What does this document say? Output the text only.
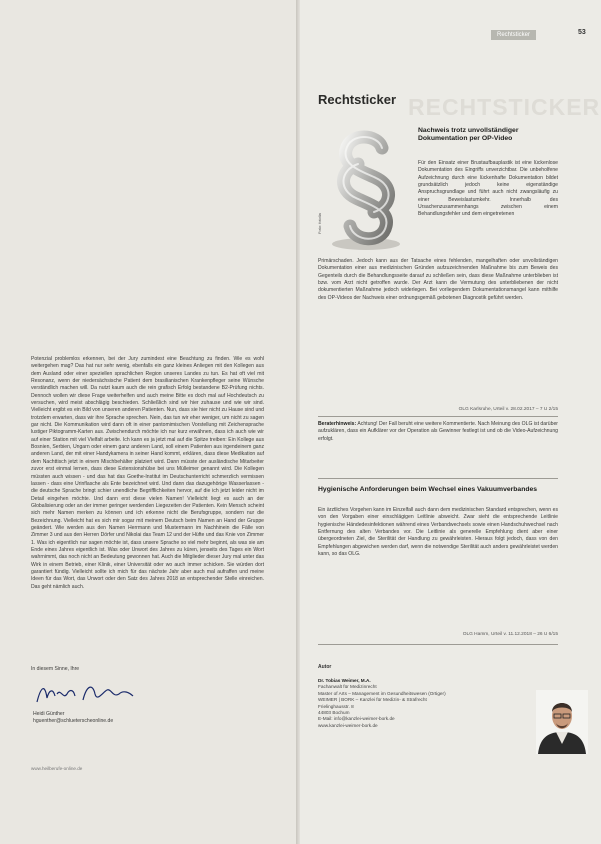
Potenzial problemlos erkennen, bei der Jury zumindest eine Beachtung zu finden. Wie es wohl weitergehen mag? Das hat nur sehr wenig, ebenfalls ein ganz kleines Anliegen mit den Kollegen aus dem Ausland oder einer speziellen sprachlichen Region unseres Landes zu tun. Es hat oft viel mit Resonanz, wenn der niedersächsische Patient dem brasilianischen Krankenpfleger seine Wünsche verständlich machen will. Da nutzt kaum auch die rein grafisch Erfolg bestandene B2-Prüfung nichts. Dennoch wollen wir diese Frage weiterhelfen und auch meine Bitte es doch mal auf Hochdeutsch zu versuchen, wird meist abschlägig beschieden. Schließlich sind wir hier zuhause und wie wir sind. Vielleicht ergibt es ein Bild von unseren anderen Patienten. Nun, dass sie hier nicht zu Hause sind und trotzdem erwarten, dass wir ihre Sprache sprechen. Nein, das tun wir eher weniger, um nicht zu sagen gar nicht. Die Kommunikation wird dann oft in einer pantomimischen Vorstellung mit Zeichensprache lustiger Piktogramm-Karten aus. Zwischendurch möchte ich nur kurz erwähnen, dass ich auch wie wir auf einer Station mit viel Vielfalt arbeite. Ich kann es ja jetzt mal auf die Spitze treiben: Ein Kollege aus Bosnien, Serbien, Ungarn oder einem ganz anderen Land, soll einem Patienten aus irgendeinem ganz anderen Land, der mit einer Handykamera in seiner Hand kommt, erklären, dass diese Medikation auf dem Nachttisch jetzt in einem Mischbehälter platziert wird. Dann müsste der ausländische Mitarbeiter zuvor erst einmal lernen, dass diese Extensionshülse bei uns Mülleimer genannt wird. Die Kollegen müssten auch wissen - und das hat das Goethe-Institut im Deutschunterricht schmerzlich vermissen lassen - dass eine Urinflasche als Ente bezeichnet wird. Und dann das dazugehörige Wasserlassen - die deutsche Sprache bringt schier unendliche Begrifflichkeiten hervor, auf die ich jetzt leider nicht im Detail eingehen möchte. Und dann erst diese vielen Namen! Vielleicht liegt es auch an der Globalisierung oder an der immer geringer werdenden Liegezeiten der Patienten. Kein Mensch scheint sich mehr Namen merken zu können und ich erkenne nicht die Berufsgruppe, sondern nur die Bezeichnung. Vielleicht hat es sich mir sogar mit meinem Deutsch beim Namen an Hand der Gruppe geändert. Wie werden aus den Namen Herrmann und Mustermann im Nachhinein die Fälle von Zimmer 3 und aus den Herren Dörfer und Nikolai das Team 12 und der Hüfte und das Knie von Zimmer 1. Was ich eigentlich nur sagen möchte ist, dass unsere Sprache so viel mehr beginnt, als was sie am Ende eines Jahres eigentlich ist. Was oder Unwort des Jahres zu küren, jenseits des Tages ein Wort wahrnimmt, das noch nicht an Bedeutung gewonnen hat. Auch die Mitglieder dieser Jury mal unter das Wirk in einem Betrieb, einer Klinik, einer Universität oder wo auch immer schicken. Sie würden dort garantiert fündig. Vielleicht sollte ich mich für das nächste Jahr aber auch mal aufraffen und meine Ideen für das Wort, das Unwort oder den Satz des Jahres 2018 an entsprechender Stelle einreichen. Das geht nämlich auch.

In diesem Sinne, Ihre
Heidi Günther
hguenther@schlueterscheonline.de
www.heilberufe-online.de
Rechtsticker	53
RECHTSTICKER
Rechtsticker
Foto: fotolia

Nachweis trotz unvollständiger Dokumentation per OP-Video

Für den Einsatz einer Brustaufbauplastik ist eine lückenlose Dokumentation des Eingriffs unverzichtbar. Die unbeholfene Aufzeichnung durch eine lückenhafte Dokumentation bildet grundsätzlich jedoch keine eigenständige Anspruchsgrundlage und führt auch nicht zwangsläufig zu einer Beweislastumkehr. Innerhalb des Ursachenzusammenhangs zwischen einem Behandlungsfehler und dem eingetretenen

Primärschaden. Jedoch kann aus der Tatsache eines fehlenden, mangelhaften oder unvollständigen Dokumentation einer aus medizinischen Gründen aufzuzeichnenden Maßnahme bis zum Beweis des Gegenteils durch die Behandlungsseite darauf zu schließen sein, dass diese Maßnahme unterblieben ist bzw. vom Arzt nicht getroffen wurde. Der Arzt kann die Vermutung des unterbliebenen der nicht dokumentierten Maßnahme jedoch widerlegen. Bei vorliegendem Dokumentationsmangel kann mithilfe des OP-Videos der Nachweis einer ordnungsgemäß gebotenen Diagnostik geführt werden.

OLG Karlsruhe, Urteil v. 28.02.2017 – 7 U 2/15

Beraterhinweis: Achtung! Der Fall beruht eine weitere Kommentierte. Nach Meinung des OLG ist darüber aufzuklären, dass ein Aufklärer vor der Operation als Gewinner festlegt ist und ob die Video-Aufzeichnung erfolgt.

Hygienische Anforderungen beim Wechsel eines Vakuumverbandes

Ein ärztliches Vorgehen kann im Einzelfall auch dann dem medizinischen Standard entsprechen, wenn es von den Vorgaben einer einschlägigen Leitlinie abweicht. Zwar sieht die entsprechende Leitlinie hygienische Händedesinfektionen während eines Verbandwechsels sowie einen Handschuhwechsel nach Entfernung des alten Verbandes vor. Die Leitlinie als generelle Empfehlung dient aber einer übergeordneten Ziel, die Sterilität der Handlung zu gewährleisten. Hieraus folgt jedoch, dass von den Empfehlungen abgewichen werden darf, wenn die notwendige Sterilität auch anders gewährleistet werden kann, so das OLG.

OLG Hamm, Urteil v. 11.12.2018 – 26 U 6/15
Autor
Dr. Tobias Weimer, M.A.
Fachanwalt für Medizinrecht
Master of Arts – Management im Gesundheitswesen (Ortiger)
WEIMER | BORK – Kanzlei für Medizin- & Strafrecht
Frielinghausstr. 8
44803 Bochum
E-Mail: info@kanzlei-weimer-bork.de
www.kanzlei-weimer-bork.de
